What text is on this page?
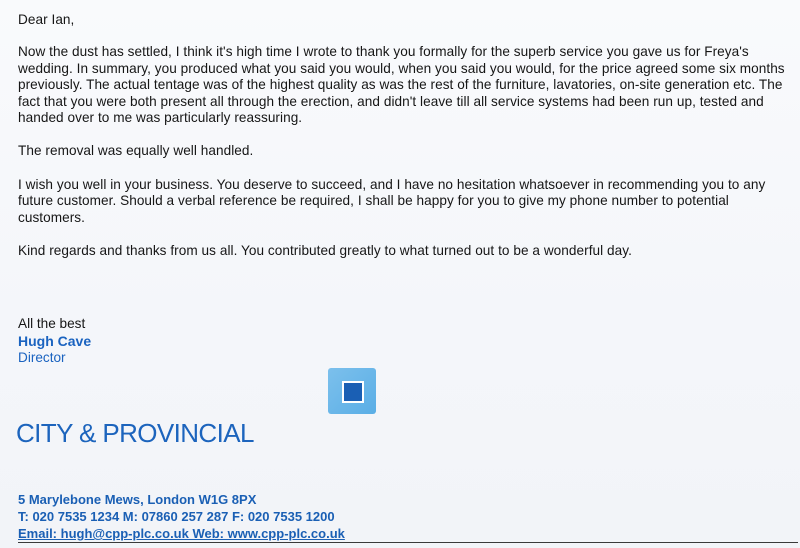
Dear Ian,

Now the dust has settled, I think it's high time I wrote to thank you formally for the superb service you gave us for Freya's wedding. In summary, you produced what you said you would, when you said you would, for the price agreed some six months previously. The actual tentage was of the highest quality as was the rest of the furniture, lavatories, on-site generation etc. The fact that you were both present all through the erection, and didn't leave till all service systems had been run up, tested and handed over to me was particularly reassuring.

The removal was equally well handled.

I wish you well in your business. You deserve to succeed, and I have no hesitation whatsoever in recommending you to any future customer. Should a verbal reference be required, I shall be happy for you to give my phone number to potential customers.

Kind regards and thanks from us all. You contributed greatly to what turned out to be a wonderful day.

All the best

Hugh Cave
Director
CITY & PROVINCIAL
5 Marylebone Mews, London W1G 8PX
T: 020 7535 1234 M: 07860 257 287 F: 020 7535 1200
Email: hugh@cpp-plc.co.uk Web: www.cpp-plc.co.uk
